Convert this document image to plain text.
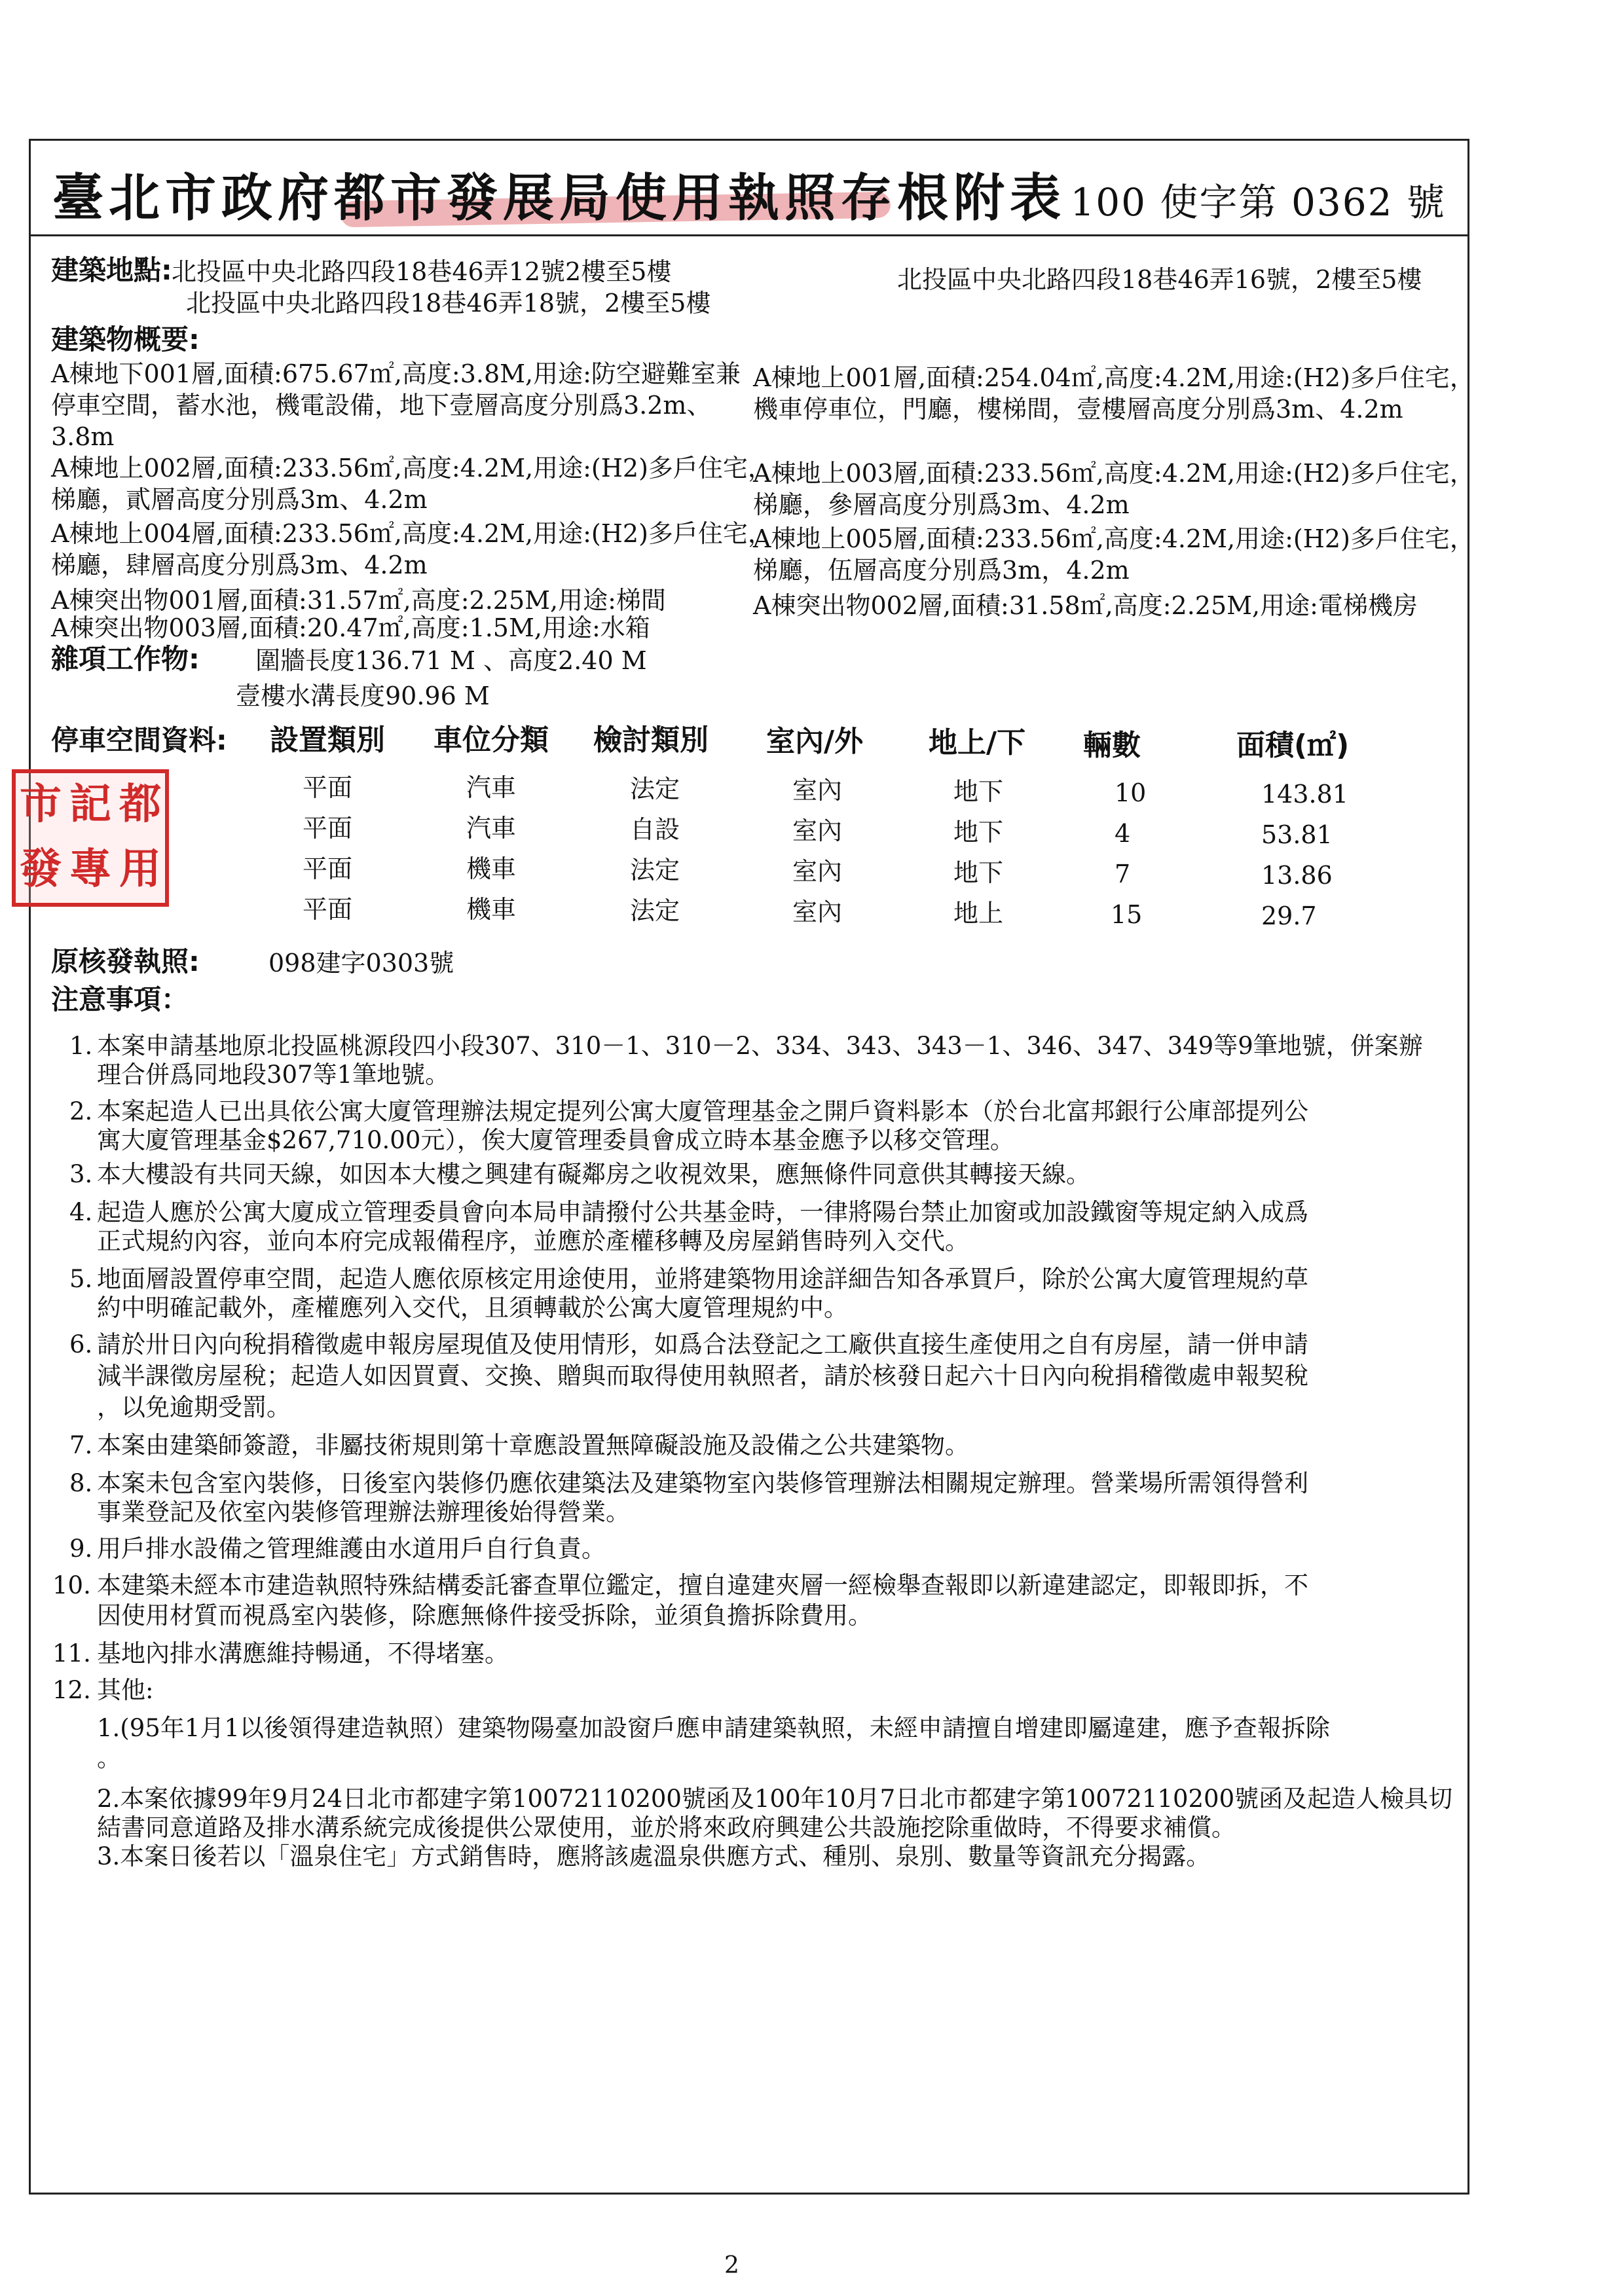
臺北市政府都市發展局使用執照存根附表 100 使字第 0362 號
建築地點: 北投區中央北路四段18巷46弄12號2樓至5樓
北投區中央北路四段18巷46弄18號，2樓至5樓
北投區中央北路四段18巷46弄16號，2樓至5樓
建築物概要:
A棟地下001層,面積:675.67㎡,高度:3.8M,用途:防空避難室兼
停車空間，蓄水池，機電設備，地下壹層高度分別爲3.2m、
3.8m
A棟地上002層,面積:233.56㎡,高度:4.2M,用途:(H2)多戶住宅，
梯廳，貳層高度分別爲3m、4.2m
A棟地上004層,面積:233.56㎡,高度:4.2M,用途:(H2)多戶住宅，
梯廳，肆層高度分別爲3m、4.2m
A棟突出物001層,面積:31.57㎡,高度:2.25M,用途:梯間
A棟突出物003層,面積:20.47㎡,高度:1.5M,用途:水箱
A棟地上001層,面積:254.04㎡,高度:4.2M,用途:(H2)多戶住宅，
機車停車位，門廳，樓梯間，壹樓層高度分別爲3m、4.2m
A棟地上003層,面積:233.56㎡,高度:4.2M,用途:(H2)多戶住宅，
梯廳，參層高度分別爲3m、4.2m
A棟地上005層,面積:233.56㎡,高度:4.2M,用途:(H2)多戶住宅，
梯廳，伍層高度分別爲3m，4.2m
A棟突出物002層,面積:31.58㎡,高度:2.25M,用途:電梯機房
雜項工作物: 圍牆長度136.71 M 、高度2.40 M
壹樓水溝長度90.96 M
停車空間資料: 設置類別 車位分類 檢討類別 室內/外 地上/下 輛數	面積(㎡)
平面	汽車	法定	室內	地下	10	143.81
平面	汽車	自設	室內	地下	4	53.81
平面	機車	法定	室內	地下	7	13.86
平面	機車	法定	室內	地上	15	29.7
市 記 都
發 專 用
原核發執照:	098建字0303號
注意事項：
1. 本案申請基地原北投區桃源段四小段307、310－1、310－2、334、343、343－1、346、347、349等9筆地號，併案辦
理合併爲同地段307等1筆地號。
2. 本案起造人已出具依公寓大廈管理辦法規定提列公寓大廈管理基金之開戶資料影本（於台北富邦銀行公庫部提列公
寓大廈管理基金$267,710.00元），俟大廈管理委員會成立時本基金應予以移交管理。
3. 本大樓設有共同天線，如因本大樓之興建有礙鄰房之收視效果，應無條件同意供其轉接天線。
4. 起造人應於公寓大廈成立管理委員會向本局申請撥付公共基金時，一律將陽台禁止加窗或加設鐵窗等規定納入成爲
正式規約內容，並向本府完成報備程序，並應於產權移轉及房屋銷售時列入交代。
5. 地面層設置停車空間，起造人應依原核定用途使用，並將建築物用途詳細告知各承買戶，除於公寓大廈管理規約草
約中明確記載外，產權應列入交代，且須轉載於公寓大廈管理規約中。
6. 請於卅日內向稅捐稽徵處申報房屋現值及使用情形，如爲合法登記之工廠供直接生產使用之自有房屋，請一併申請
減半課徵房屋稅；起造人如因買賣、交換、贈與而取得使用執照者，請於核發日起六十日內向稅捐稽徵處申報契稅
，以免逾期受罰。
7. 本案由建築師簽證，非屬技術規則第十章應設置無障礙設施及設備之公共建築物。
8. 本案未包含室內裝修，日後室內裝修仍應依建築法及建築物室內裝修管理辦法相關規定辦理。營業場所需領得營利
事業登記及依室內裝修管理辦法辦理後始得營業。
9. 用戶排水設備之管理維護由水道用戶自行負責。
10. 本建築未經本市建造執照特殊結構委託審查單位鑑定，擅自違建夾層一經檢舉查報即以新違建認定，即報即拆，不
因使用材質而視爲室內裝修，除應無條件接受拆除，並須負擔拆除費用。
11. 基地內排水溝應維持暢通，不得堵塞。
12. 其他:
1.(95年1月1以後領得建造執照）建築物陽臺加設窗戶應申請建築執照，未經申請擅自增建即屬違建，應予查報拆除
。
2.本案依據99年9月24日北市都建字第10072110200號函及100年10月7日北市都建字第10072110200號函及起造人檢具切
結書同意道路及排水溝系統完成後提供公眾使用，並於將來政府興建公共設施挖除重做時，不得要求補償。
3.本案日後若以「溫泉住宅」方式銷售時，應將該處溫泉供應方式、種別、泉別、數量等資訊充分揭露。
2
